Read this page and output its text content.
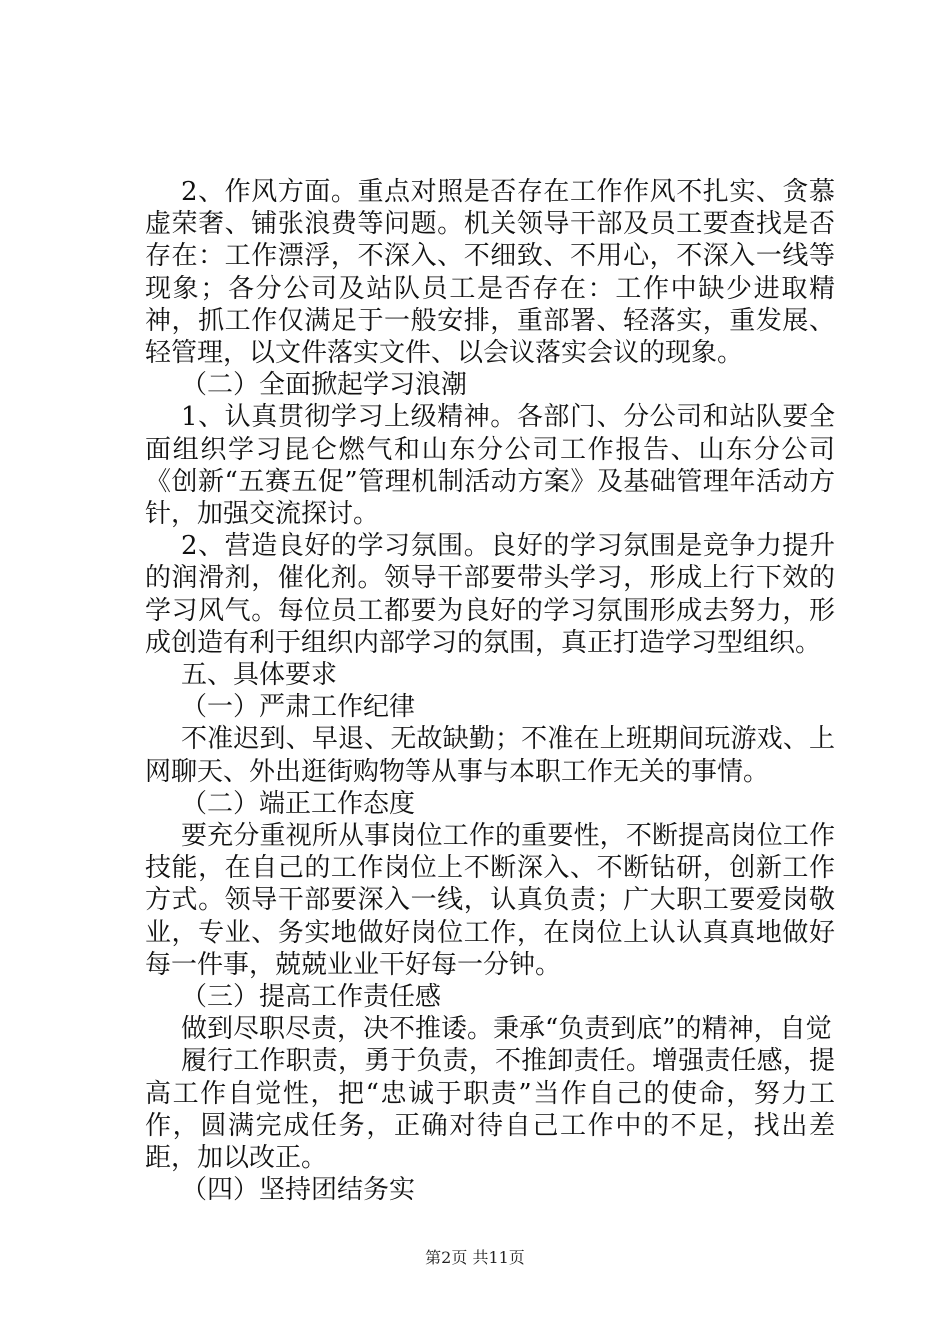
2、作风方面。重点对照是否存在工作作风不扎实、贪慕虚荣奢、铺张浪费等问题。机关领导干部及员工要查找是否存在：工作漂浮，不深入、不细致、不用心，不深入一线等现象；各分公司及站队员工是否存在：工作中缺少进取精神，抓工作仅满足于一般安排，重部署、轻落实，重发展、轻管理，以文件落实文件、以会议落实会议的现象。

（二）全面掀起学习浪潮

1、认真贯彻学习上级精神。各部门、分公司和站队要全面组织学习昆仑燃气和山东分公司工作报告、山东分公司《创新“五赛五促”管理机制活动方案》及基础管理年活动方针，加强交流探讨。

2、营造良好的学习氛围。良好的学习氛围是竞争力提升的润滑剂，催化剂。领导干部要带头学习，形成上行下效的学习风气。每位员工都要为良好的学习氛围形成去努力，形成创造有利于组织内部学习的氛围，真正打造学习型组织。

五、具体要求

（一）严肃工作纪律

不准迟到、早退、无故缺勤；不准在上班期间玩游戏、上网聊天、外出逛街购物等从事与本职工作无关的事情。

（二）端正工作态度

要充分重视所从事岗位工作的重要性，不断提高岗位工作技能，在自己的工作岗位上不断深入、不断钻研，创新工作方式。领导干部要深入一线，认真负责；广大职工要爱岗敬业，专业、务实地做好岗位工作，在岗位上认认真真地做好每一件事，兢兢业业干好每一分钟。

（三）提高工作责任感

做到尽职尽责，决不推诿。秉承“负责到底”的精神，自觉

履行工作职责，勇于负责，不推卸责任。增强责任感，提高工作自觉性，把“忠诚于职责”当作自己的使命，努力工作，圆满完成任务，正确对待自己工作中的不足，找出差距，加以改正。

（四）坚持团结务实

第2页 共11页
